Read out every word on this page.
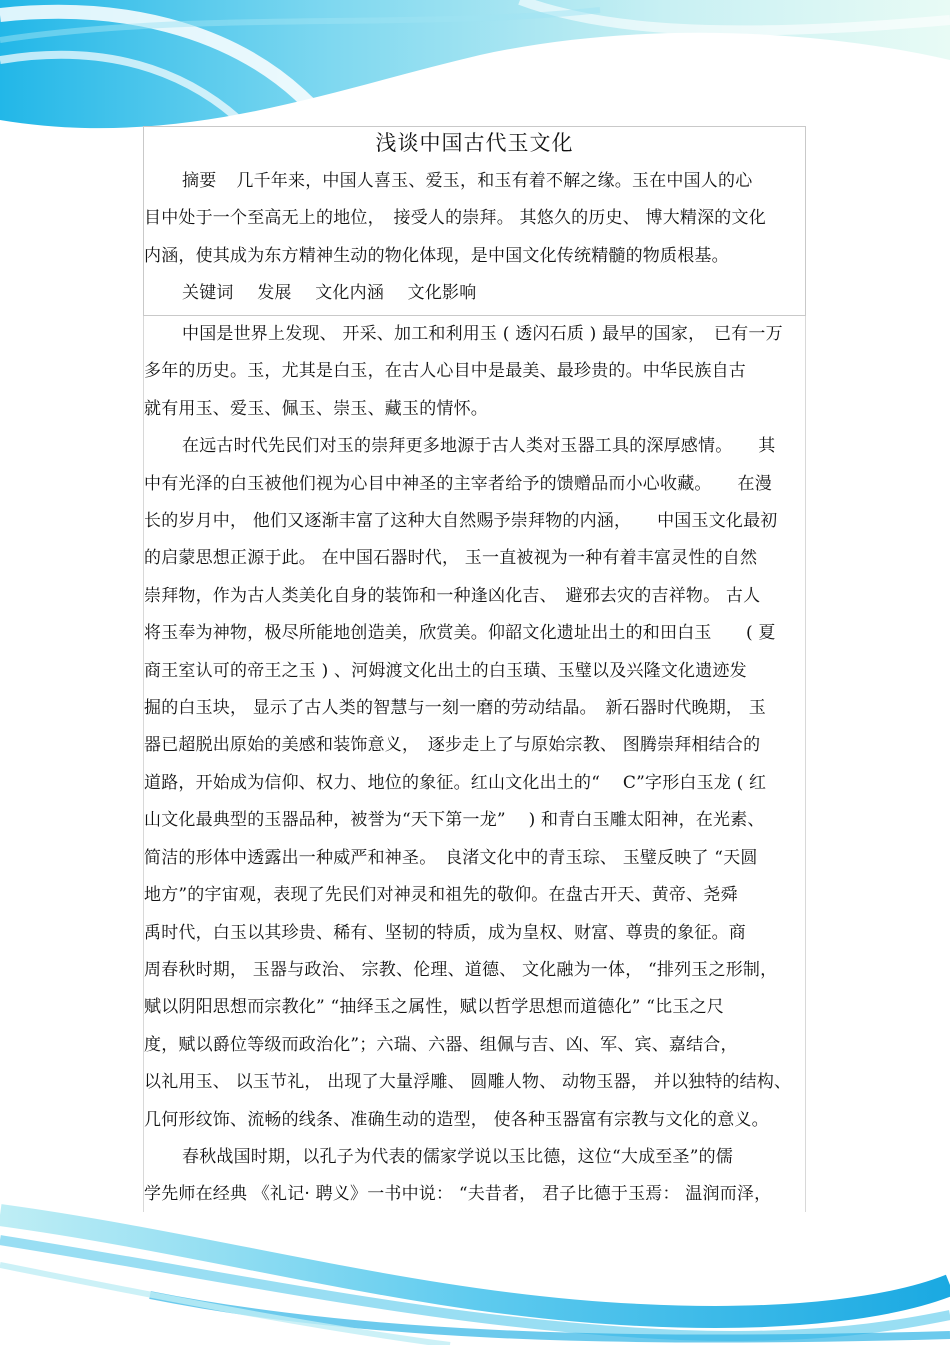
浅谈中国古代玉文化
摘要 几千年来，中国人喜玉、爱玉，和玉有着不解之缘。玉在中国人的心
目中处于一个至高无上的地位，　接受人的崇拜。 其悠久的历史、 博大精深的文化
内涵，使其成为东方精神生动的物化体现，是中国文化传统精髓的物质根基。
关键词 发展 文化内涵 文化影响
中国是世界上发现、 开采、加工和利用玉 ( 透闪石质 ) 最早的国家，　已有一万
多年的历史。玉，尤其是白玉，在古人心目中是最美、最珍贵的。中华民族自古
就有用玉、爱玉、佩玉、崇玉、藏玉的情怀。
在远古时代先民们对玉的崇拜更多地源于古人类对玉器工具的深厚感情。　　其
中有光泽的白玉被他们视为心目中神圣的主宰者给予的馈赠品而小心收藏。　　在漫
长的岁月中， 他们又逐渐丰富了这种大自然赐予崇拜物的内涵，　　中国玉文化最初
的启蒙思想正源于此。 在中国石器时代， 玉一直被视为一种有着丰富灵性的自然
崇拜物，作为古人类美化自身的装饰和一种逢凶化吉、　避邪去灾的吉祥物。 古人
将玉奉为神物，极尽所能地创造美，欣赏美。仰韶文化遗址出土的和田白玉　　( 夏
商王室认可的帝王之玉 ) 、河姆渡文化出土的白玉璜、玉璧以及兴隆文化遗迹发
掘的白玉块， 显示了古人类的智慧与一刻一磨的劳动结晶。　新石器时代晚期， 玉
器已超脱出原始的美感和装饰意义，　逐步走上了与原始宗教、 图腾崇拜相结合的
道路，开始成为信仰、权力、地位的象征。红山文化出土的“　 C”字形白玉龙 ( 红
山文化最典型的玉器品种，被誉为“天下第一龙”　 ) 和青白玉雕太阳神，在光素、
简洁的形体中透露出一种威严和神圣。　良渚文化中的青玉琮、 玉璧反映了 “天圆
地方”的宇宙观，表现了先民们对神灵和祖先的敬仰。在盘古开天、黄帝、尧舜
禹时代，白玉以其珍贵、稀有、坚韧的特质，成为皇权、财富、尊贵的象征。商
周春秋时期， 玉器与政治、 宗教、伦理、道德、 文化融为一体， “排列玉之形制，
赋以阴阳思想而宗教化” “抽绎玉之属性，赋以哲学思想而道德化” “比玉之尺
度，赋以爵位等级而政治化”；六瑞、六器、组佩与吉、凶、军、宾、嘉结合，
以礼用玉、 以玉节礼， 出现了大量浮雕、 圆雕人物、 动物玉器， 并以独特的结构、
几何形纹饰、流畅的线条、准确生动的造型， 使各种玉器富有宗教与文化的意义。
春秋战国时期，以孔子为代表的儒家学说以玉比德，这位“大成至圣”的儒
学先师在经典 《礼记· 聘义》一书中说： “夫昔者， 君子比德于玉焉： 温润而泽，
